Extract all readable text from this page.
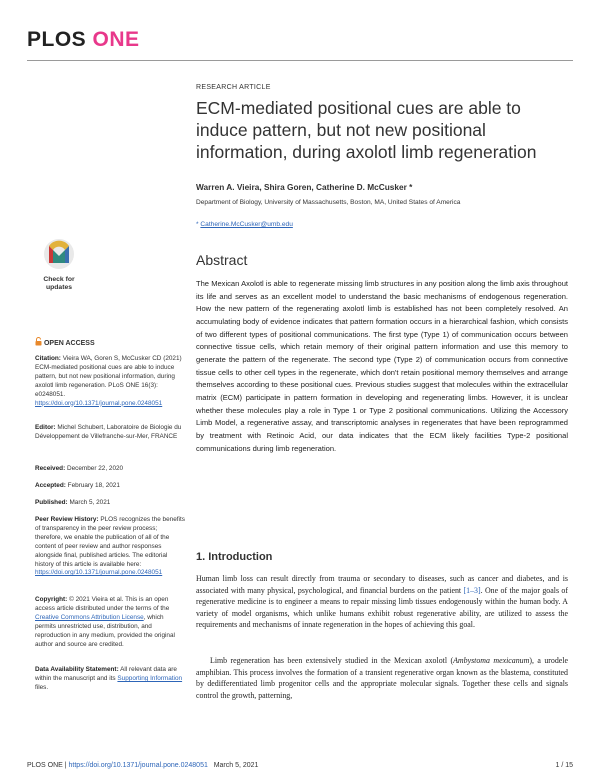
PLOS ONE
RESEARCH ARTICLE
ECM-mediated positional cues are able to induce pattern, but not new positional information, during axolotl limb regeneration
Warren A. Vieira, Shira Goren, Catherine D. McCusker *
Department of Biology, University of Massachusetts, Boston, MA, United States of America
* Catherine.McCusker@umb.edu
Abstract
The Mexican Axolotl is able to regenerate missing limb structures in any position along the limb axis throughout its life and serves as an excellent model to understand the basic mechanisms of endogenous regeneration. How the new pattern of the regenerating axolotl limb is established has not been completely resolved. An accumulating body of evidence indicates that pattern formation occurs in a hierarchical fashion, which consists of two different types of positional communications. The first type (Type 1) of communication occurs between connective tissue cells, which retain memory of their original pattern information and use this memory to generate the pattern of the regenerate. The second type (Type 2) of communication occurs from connective tissue cells to other cell types in the regenerate, which don't retain positional memory themselves and arrange themselves according to these positional cues. Previous studies suggest that molecules within the extracellular matrix (ECM) participate in pattern formation in developing and regenerating limbs. However, it is unclear whether these molecules play a role in Type 1 or Type 2 positional communications. Utilizing the Accessory Limb Model, a regenerative assay, and transcriptomic analyses in regenerates that have been reprogrammed by treatment with Retinoic Acid, our data indicates that the ECM likely facilities Type-2 positional communications during limb regeneration.
Check for
updates
OPEN ACCESS
Citation: Vieira WA, Goren S, McCusker CD (2021) ECM-mediated positional cues are able to induce pattern, but not new positional information, during axolotl limb regeneration. PLoS ONE 16(3): e0248051. https://doi.org/10.1371/journal.pone.0248051
Editor: Michel Schubert, Laboratoire de Biologie du Développement de Villefranche-sur-Mer, FRANCE
Received: December 22, 2020
Accepted: February 18, 2021
Published: March 5, 2021
Peer Review History: PLOS recognizes the benefits of transparency in the peer review process; therefore, we enable the publication of all of the content of peer review and author responses alongside final, published articles. The editorial history of this article is available here: https://doi.org/10.1371/journal.pone.0248051
Copyright: © 2021 Vieira et al. This is an open access article distributed under the terms of the Creative Commons Attribution License, which permits unrestricted use, distribution, and reproduction in any medium, provided the original author and source are credited.
Data Availability Statement: All relevant data are within the manuscript and its Supporting Information files.
1. Introduction
Human limb loss can result directly from trauma or secondary to diseases, such as cancer and diabetes, and is associated with many physical, psychological, and financial burdens on the patient [1–3]. One of the major goals of regenerative medicine is to engineer a means to repair missing limb tissues endogenously within the human body. A variety of model organisms, which unlike humans exhibit robust regenerative ability, are utilized to assess the requirements and mechanisms of innate regeneration in the hopes of achieving this goal.
Limb regeneration has been extensively studied in the Mexican axolotl (Ambystoma mexicanum), a urodele amphibian. This process involves the formation of a transient regenerative organ known as the blastema, constituted by dedifferentiated limb progenitor cells and the appropriate molecular signals. Together these cells and signals control the growth, patterning,
PLOS ONE | https://doi.org/10.1371/journal.pone.0248051 March 5, 2021	1 / 15
